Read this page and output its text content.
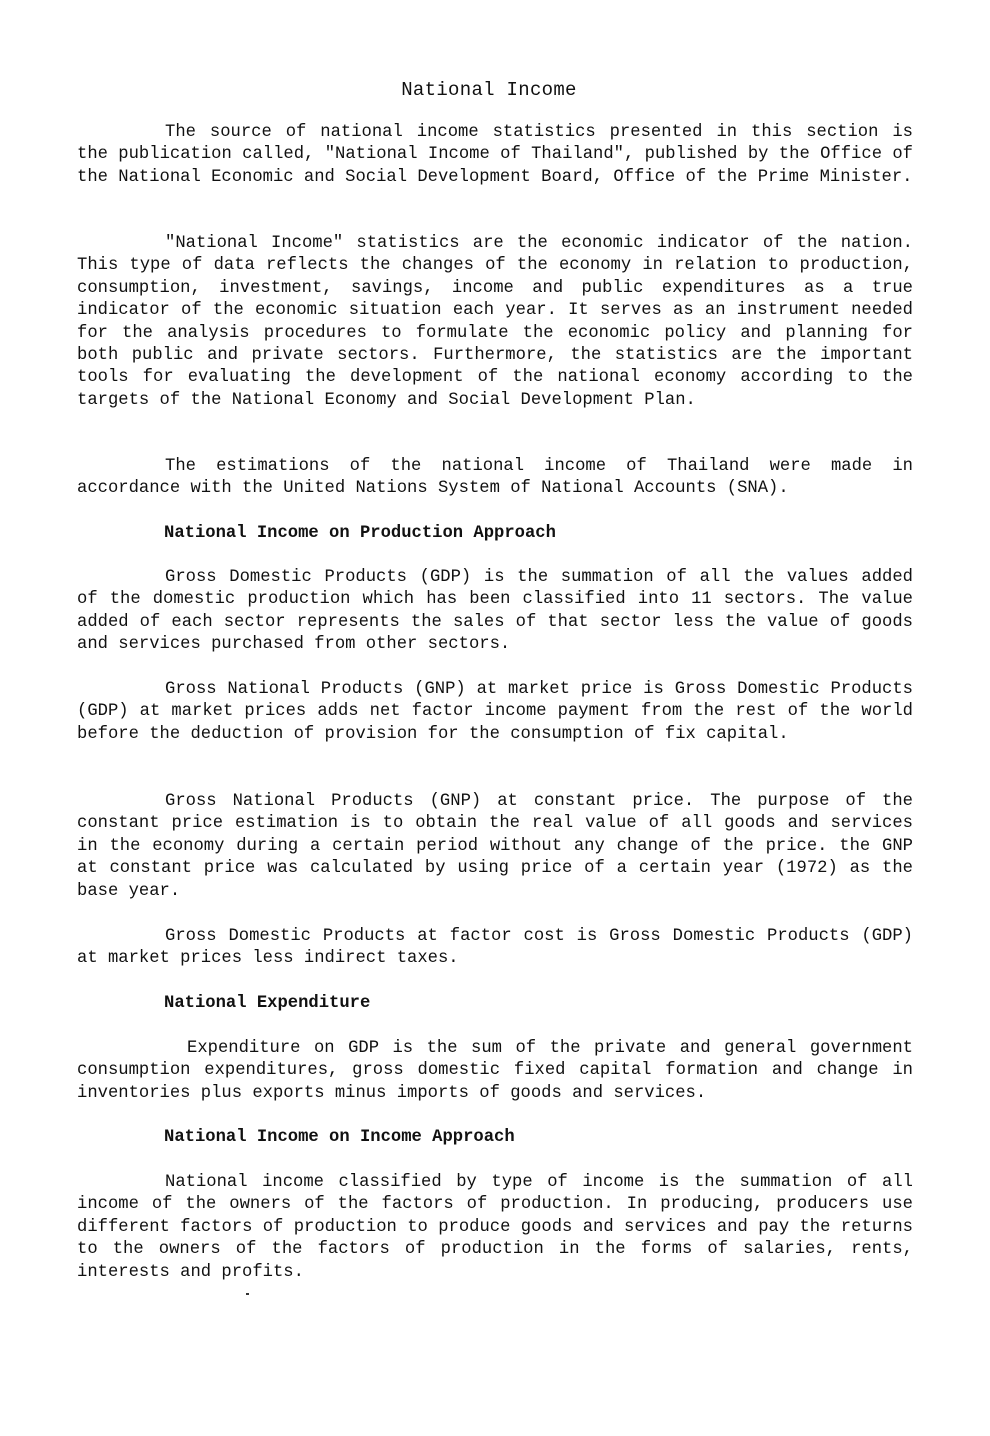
National Income

The source of national income statistics presented in this section is the publication called, "National Income of Thailand", published by the Office of the National Economic and Social Development Board, Office of the Prime Minister.

"National Income" statistics are the economic indicator of the nation. This type of data reflects the changes of the economy in relation to production, consumption, investment, savings, income and public expenditures as a true indicator of the economic situation each year. It serves as an instrument needed for the analysis procedures to formulate the economic policy and planning for both public and private sectors. Furthermore, the statistics are the important tools for evaluating the development of the national economy according to the targets of the National Economy and Social Development Plan.

The estimations of the national income of Thailand were made in accordance with the United Nations System of National Accounts (SNA).

National Income on Production Approach

Gross Domestic Products (GDP) is the summation of all the values added of the domestic production which has been classified into 11 sectors. The value added of each sector represents the sales of that sector less the value of goods and services purchased from other sectors.

Gross National Products (GNP) at market price is Gross Domestic Products (GDP) at market prices adds net factor income payment from the rest of the world before the deduction of provision for the consumption of fix capital.

Gross National Products (GNP) at constant price. The purpose of the constant price estimation is to obtain the real value of all goods and services in the economy during a certain period without any change of the price. the GNP at constant price was calculated by using price of a certain year (1972) as the base year.

Gross Domestic Products at factor cost is Gross Domestic Products (GDP) at market prices less indirect taxes.

National Expenditure

Expenditure on GDP is the sum of the private and general government consumption expenditures, gross domestic fixed capital formation and change in inventories plus exports minus imports of goods and services.

National Income on Income Approach

National income classified by type of income is the summation of all income of the owners of the factors of production. In producing, producers use different factors of production to produce goods and services and pay the returns to the owners of the factors of production in the forms of salaries, rents, interests and profits.
